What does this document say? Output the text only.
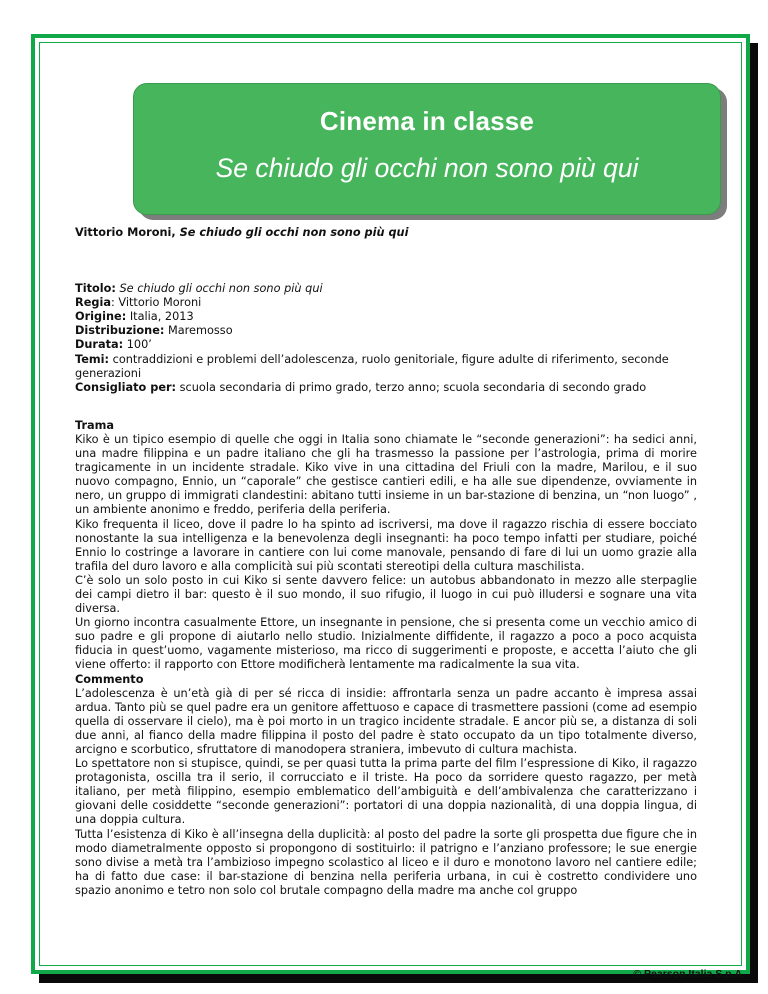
Cinema in classe
Se chiudo gli occhi non sono più qui

Vittorio Moroni, Se chiudo gli occhi non sono più qui

Titolo: Se chiudo gli occhi non sono più qui
Regia: Vittorio Moroni
Origine: Italia, 2013
Distribuzione: Maremosso
Durata: 100’
Temi: contraddizioni e problemi dell’adolescenza, ruolo genitoriale, figure adulte di riferimento, seconde generazioni
Consigliato per: scuola secondaria di primo grado, terzo anno; scuola secondaria di secondo grado

Trama

Kiko è un tipico esempio di quelle che oggi in Italia sono chiamate le “seconde generazioni”: ha sedici anni, una madre filippina e un padre italiano che gli ha trasmesso la passione per l’astrologia, prima di morire tragicamente in un incidente stradale. Kiko vive in una cittadina del Friuli con la madre, Marilou, e il suo nuovo compagno, Ennio, un “caporale” che gestisce cantieri edili, e ha alle sue dipendenze, ovviamente in nero, un gruppo di immigrati clandestini: abitano tutti insieme in un bar-stazione di benzina, un “non luogo” , un ambiente anonimo e freddo, periferia della periferia.

Kiko frequenta il liceo, dove il padre lo ha spinto ad iscriversi, ma dove il ragazzo rischia di essere bocciato nonostante la sua intelligenza e la benevolenza degli insegnanti: ha poco tempo infatti per studiare, poiché Ennio lo costringe a lavorare in cantiere con lui come manovale, pensando di fare di lui un uomo grazie alla trafila del duro lavoro e alla complicità sui più scontati stereotipi della cultura maschilista.

C’è solo un solo posto in cui Kiko si sente davvero felice: un autobus abbandonato in mezzo alle sterpaglie dei campi dietro il bar: questo è il suo mondo, il suo rifugio, il luogo in cui può illudersi e sognare una vita diversa.

Un giorno incontra casualmente Ettore, un insegnante in pensione, che si presenta come un vecchio amico di suo padre e gli propone di aiutarlo nello studio. Inizialmente diffidente, il ragazzo a poco a poco acquista fiducia in quest’uomo, vagamente misterioso, ma ricco di suggerimenti e proposte, e accetta l’aiuto che gli viene offerto: il rapporto con Ettore modificherà lentamente ma radicalmente la sua vita.

Commento

L’adolescenza è un’età già di per sé ricca di insidie: affrontarla senza un padre accanto è impresa assai ardua. Tanto più se quel padre era un genitore affettuoso e capace di trasmettere passioni (come ad esempio quella di osservare il cielo), ma è poi morto in un tragico incidente stradale. E ancor più se, a distanza di soli due anni, al fianco della madre filippina il posto del padre è stato occupato da un tipo totalmente diverso, arcigno e scorbutico, sfruttatore di manodopera straniera, imbevuto di cultura machista.

Lo spettatore non si stupisce, quindi, se per quasi tutta la prima parte del film l’espressione di Kiko, il ragazzo protagonista, oscilla tra il serio, il corrucciato e il triste. Ha poco da sorridere questo ragazzo, per metà italiano, per metà filippino, esempio emblematico dell’ambiguità e dell’ambivalenza che caratterizzano i giovani delle cosiddette “seconde generazioni”: portatori di una doppia nazionalità, di una doppia lingua, di una doppia cultura.

Tutta l’esistenza di Kiko è all’insegna della duplicità: al posto del padre la sorte gli prospetta due figure che in modo diametralmente opposto si propongono di sostituirlo: il patrigno e l’anziano professore; le sue energie sono divise a metà tra l’ambizioso impegno scolastico al liceo e il duro e monotono lavoro nel cantiere edile; ha di fatto due case: il bar-stazione di benzina nella periferia urbana, in cui è costretto condividere uno spazio anonimo e tetro non solo col brutale compagno della madre ma anche col gruppo

© Pearson Italia S.p.A.
